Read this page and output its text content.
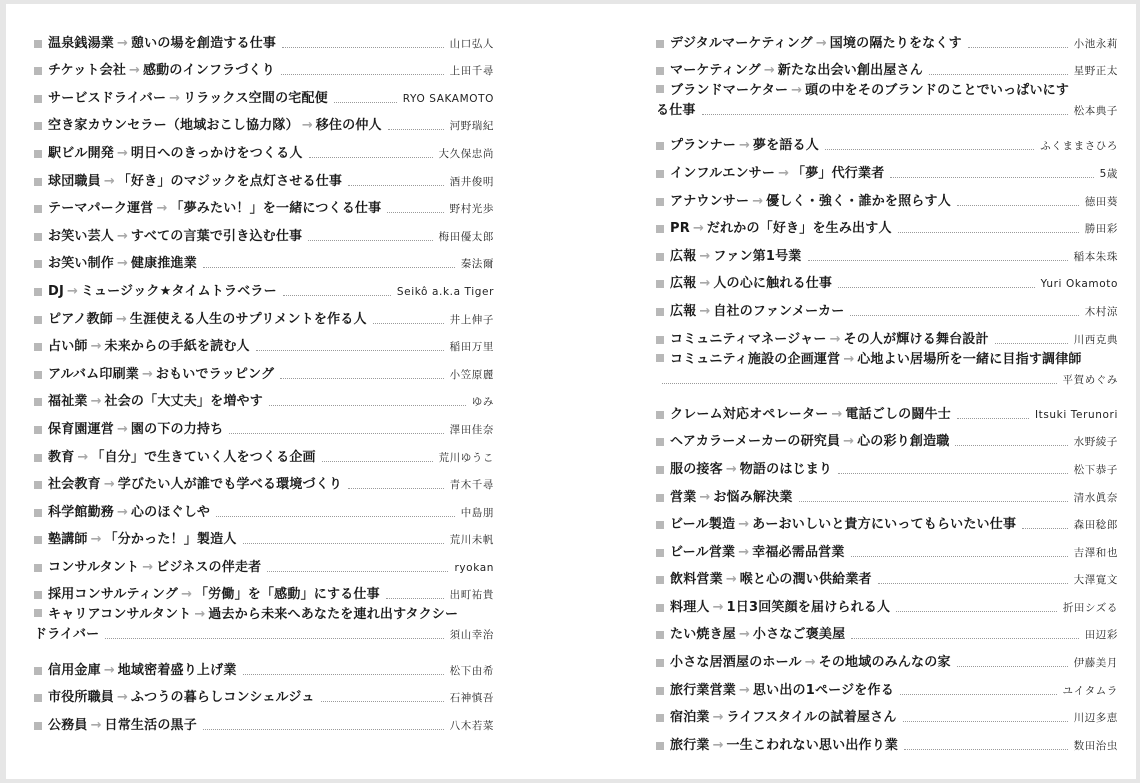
温泉銭湯業 → 憩いの場を創造する仕事	山口弘人
チケット会社 → 感動のインフラづくり	上田千尋
サービスドライバー → リラックス空間の宅配便	RYO SAKAMOTO
空き家カウンセラー（地域おこし協力隊） → 移住の仲人	河野瑞紀
駅ビル開発 → 明日へのきっかけをつくる人	大久保忠尚
球団職員 → 「好き」のマジックを点灯させる仕事	酒井俊明
テーマパーク運営 → 「夢みたい！」を一緒につくる仕事	野村光歩
お笑い芸人 → すべての言葉で引き込む仕事	梅田優太郎
お笑い制作 → 健康推進業	秦法爾
DJ → ミュージック★タイムトラベラー	Seikô a.k.a Tiger
ピアノ教師 → 生涯使える人生のサプリメントを作る人	井上伸子
占い師 → 未来からの手紙を読む人	稲田万里
アルバム印刷業 → おもいでラッピング	小笠原麗
福祉業 → 社会の「大丈夫」を増やす	ゆみ
保育園運営 → 園の下の力持ち	澤田佳奈
教育 → 「自分」で生きていく人をつくる企画	荒川ゆうこ
社会教育 → 学びたい人が誰でも学べる環境づくり	青木千尋
科学館勤務 → 心のほぐしや	中島朋
塾講師 → 「分かった！」製造人	荒川未帆
コンサルタント → ビジネスの伴走者	ryokan
採用コンサルティング → 「労働」を「感動」にする仕事	出町祐貴
キャリアコンサルタント → 過去から未来へあなたを連れ出すタクシー
ドライバー	須山幸治
信用金庫 → 地域密着盛り上げ業	松下由希
市役所職員 → ふつうの暮らしコンシェルジュ	石神慎吾
公務員 → 日常生活の黒子	八木若菜
デジタルマーケティング → 国境の隔たりをなくす	小池永莉
マーケティング → 新たな出会い創出屋さん	星野正太
ブランドマーケター → 頭の中をそのブランドのことでいっぱいにす
る仕事	松本典子
プランナー → 夢を語る人	ふくままさひろ
インフルエンサー → 「夢」代行業者	5歳
アナウンサー → 優しく・強く・誰かを照らす人	徳田葵
PR → だれかの「好き」を生み出す人	勝田彩
広報 → ファン第1号業	稲本朱珠
広報 → 人の心に触れる仕事	Yuri Okamoto
広報 → 自社のファンメーカー	木村涼
コミュニティマネージャー → その人が輝ける舞台設計	川西克典
コミュニティ施設の企画運営 → 心地よい居場所を一緒に目指す調律師
平賀めぐみ
クレーム対応オペレーター → 電話ごしの闘牛士	Itsuki Terunori
ヘアカラーメーカーの研究員 → 心の彩り創造職	水野綾子
服の接客 → 物語のはじまり	松下恭子
営業 → お悩み解決業	清水眞奈
ビール製造 → あーおいしいと貴方にいってもらいたい仕事	森田稔郎
ビール営業 → 幸福必需品営業	吉澤和也
飲料営業 → 喉と心の潤い供給業者	大澤寛文
料理人 → 1日3回笑顔を届けられる人	折田シズる
たい焼き屋 → 小さなご褒美屋	田辺彩
小さな居酒屋のホール → その地域のみんなの家	伊藤美月
旅行業営業 → 思い出の1ページを作る	ユイタムラ
宿泊業 → ライフスタイルの試着屋さん	川辺多恵
旅行業 → 一生こわれない思い出作り業	数田治虫
